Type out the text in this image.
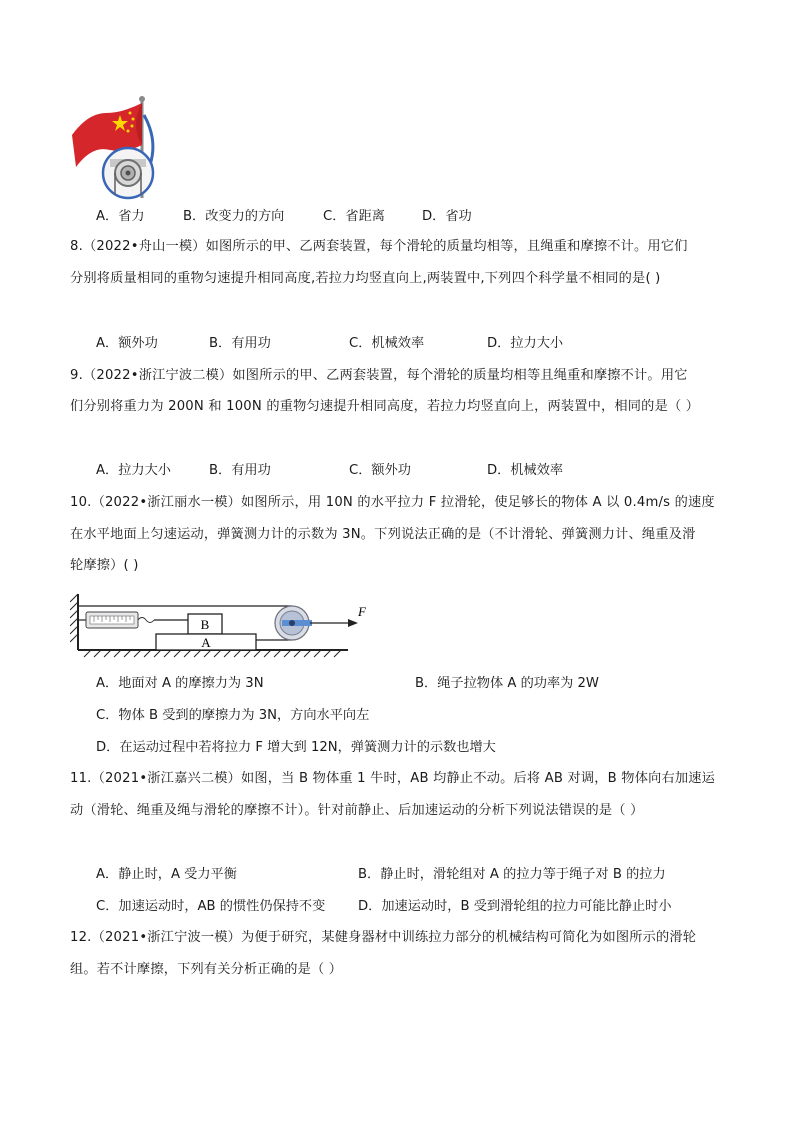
A．省力	B．改变力的方向	C．省距离	D．省功
8.（2022•舟山一模）如图所示的甲、乙两套装置，每个滑轮的质量均相等，且绳重和摩擦不计。用它们
分别将质量相同的重物匀速提升相同高度,若拉力均竖直向上,两装置中,下列四个科学量不相同的是( )
A．额外功	B．有用功	C．机械效率	D．拉力大小
9.（2022•浙江宁波二模）如图所示的甲、乙两套装置，每个滑轮的质量均相等且绳重和摩擦不计。用它
们分别将重力为 200N 和 100N 的重物匀速提升相同高度，若拉力均竖直向上，两装置中，相同的是（ ）
A．拉力大小	B．有用功	C．额外功	D．机械效率
10.（2022•浙江丽水一模）如图所示，用 10N 的水平拉力 F 拉滑轮，使足够长的物体 A 以 0.4m/s 的速度
在水平地面上匀速运动，弹簧测力计的示数为 3N。下列说法正确的是（不计滑轮、弹簧测力计、绳重及滑
轮摩擦）( )
B
A
F
A．地面对 A 的摩擦力为 3N	B．绳子拉物体 A 的功率为 2W
C．物体 B 受到的摩擦力为 3N，方向水平向左
D．在运动过程中若将拉力 F 增大到 12N，弹簧测力计的示数也增大
11.（2021•浙江嘉兴二模）如图，当 B 物体重 1 牛时，AB 均静止不动。后将 AB 对调，B 物体向右加速运
动（滑轮、绳重及绳与滑轮的摩擦不计）。针对前静止、后加速运动的分析下列说法错误的是（ ）
A．静止时，A 受力平衡	B．静止时，滑轮组对 A 的拉力等于绳子对 B 的拉力
C．加速运动时，AB 的惯性仍保持不变 D．加速运动时，B 受到滑轮组的拉力可能比静止时小
12.（2021•浙江宁波一模）为便于研究，某健身器材中训练拉力部分的机械结构可简化为如图所示的滑轮
组。若不计摩擦，下列有关分析正确的是（ ）
